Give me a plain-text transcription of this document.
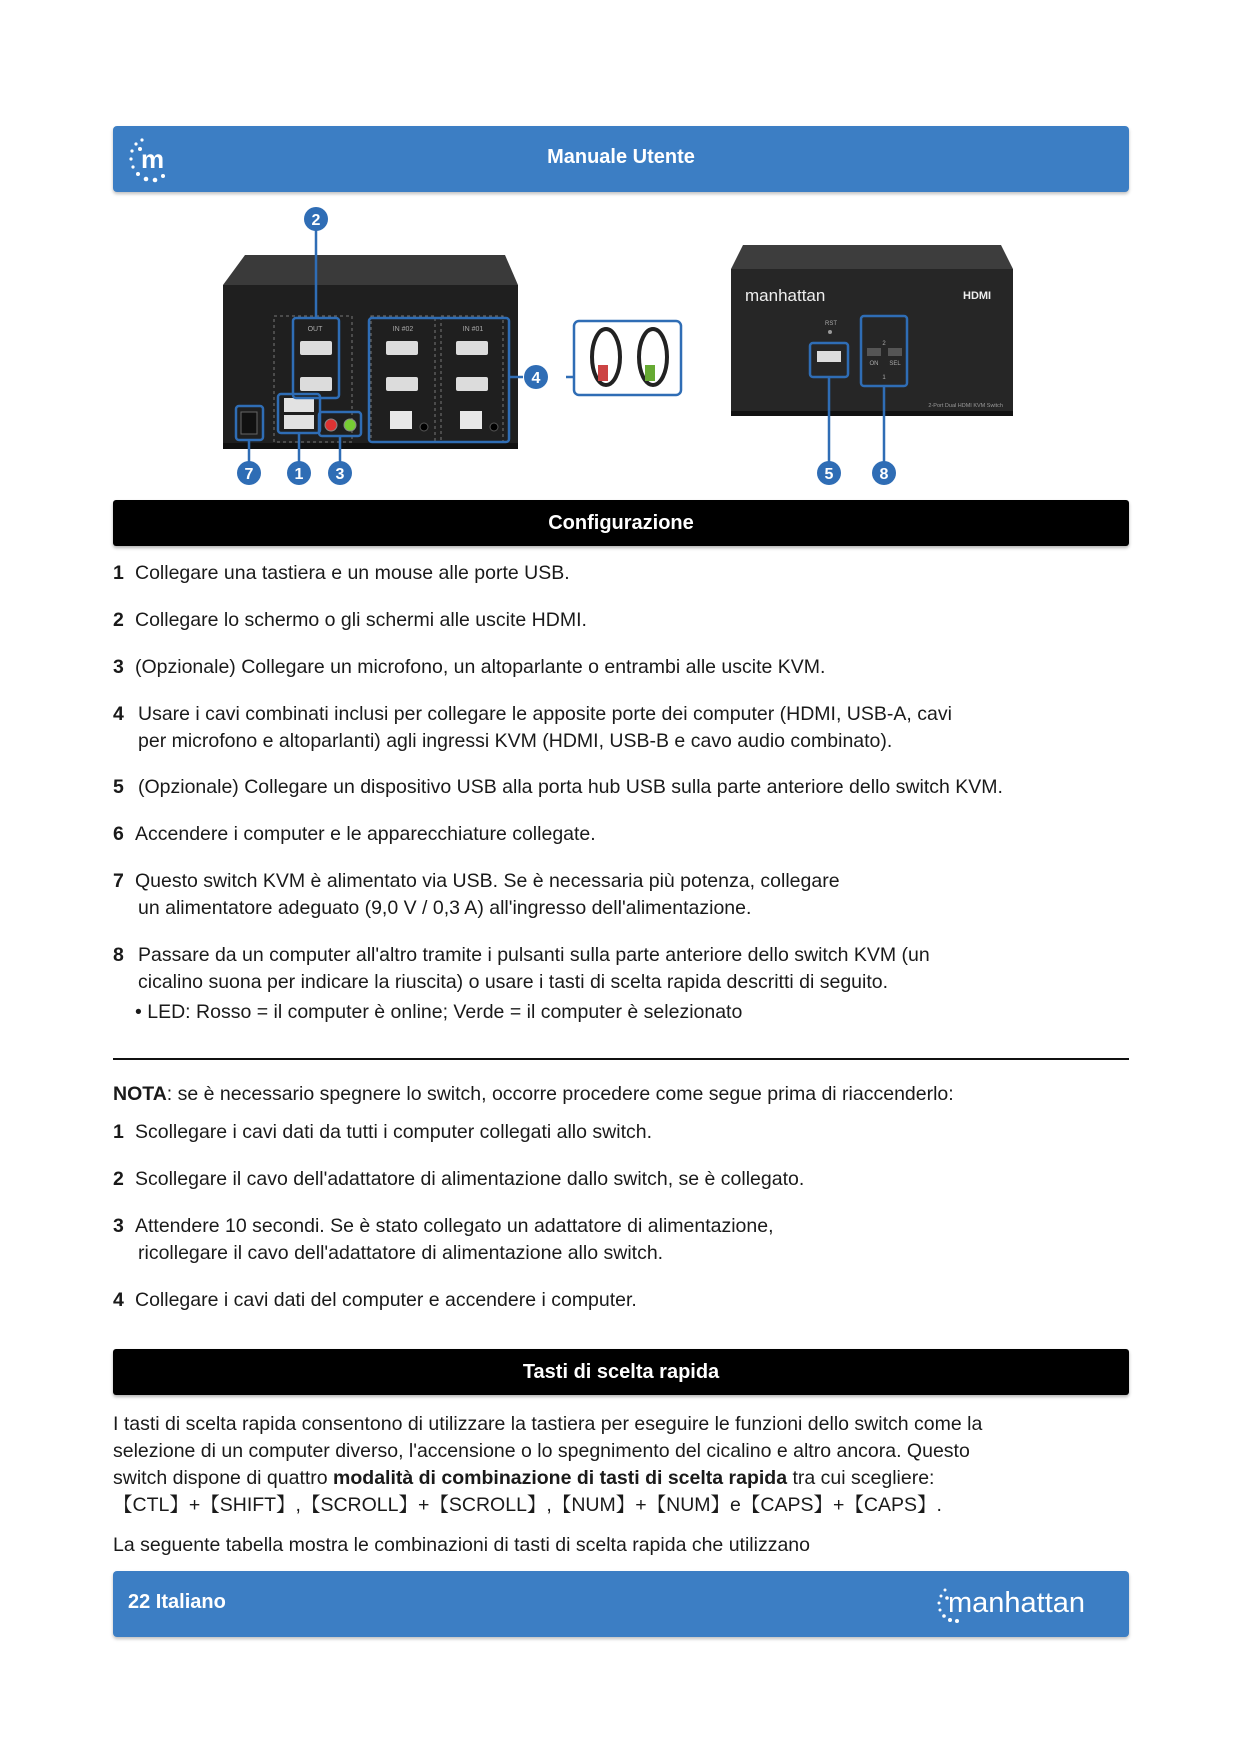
m	Manuale Utente
OUT	IN #02	IN #01
manhattan	HDMI
RST
2
ON SEL
1
2-Port Dual HDMI KVM Switch
2
4
7	1 3	5	8
Configurazione
1 Collegare una tastiera e un mouse alle porte USB.
2 Collegare lo schermo o gli schermi alle uscite HDMI.
3 (Opzionale) Collegare un microfono, un altoparlante o entrambi alle uscite KVM.
4 Usare i cavi combinati inclusi per collegare le apposite porte dei computer (HDMI, USB-A, cavi
per microfono e altoparlanti) agli ingressi KVM (HDMI, USB-B e cavo audio combinato).
5 (Opzionale) Collegare un dispositivo USB alla porta hub USB sulla parte anteriore dello switch KVM.
6 Accendere i computer e le apparecchiature collegate.
7 Questo switch KVM è alimentato via USB. Se è necessaria più potenza, collegare
un alimentatore adeguato (9,0 V / 0,3 A) all'ingresso dell'alimentazione.
8 Passare da un computer all'altro tramite i pulsanti sulla parte anteriore dello switch KVM (un
cicalino suona per indicare la riuscita) o usare i tasti di scelta rapida descritti di seguito.
• LED: Rosso = il computer è online; Verde = il computer è selezionato
NOTA: se è necessario spegnere lo switch, occorre procedere come segue prima di riaccenderlo:
1 Scollegare i cavi dati da tutti i computer collegati allo switch.
2 Scollegare il cavo dell'adattatore di alimentazione dallo switch, se è collegato.
3 Attendere 10 secondi. Se è stato collegato un adattatore di alimentazione,
ricollegare il cavo dell'adattatore di alimentazione allo switch.
4 Collegare i cavi dati del computer e accendere i computer.
Tasti di scelta rapida
I tasti di scelta rapida consentono di utilizzare la tastiera per eseguire le funzioni dello switch come la
selezione di un computer diverso, l'accensione o lo spegnimento del cicalino e altro ancora. Questo
switch dispone di quattro modalità di combinazione di tasti di scelta rapida tra cui scegliere:
【CTL】+【SHIFT】,【SCROLL】+【SCROLL】,【NUM】+【NUM】e【CAPS】+【CAPS】.
La seguente tabella mostra le combinazioni di tasti di scelta rapida che utilizzano
22 Italiano	manhattan
